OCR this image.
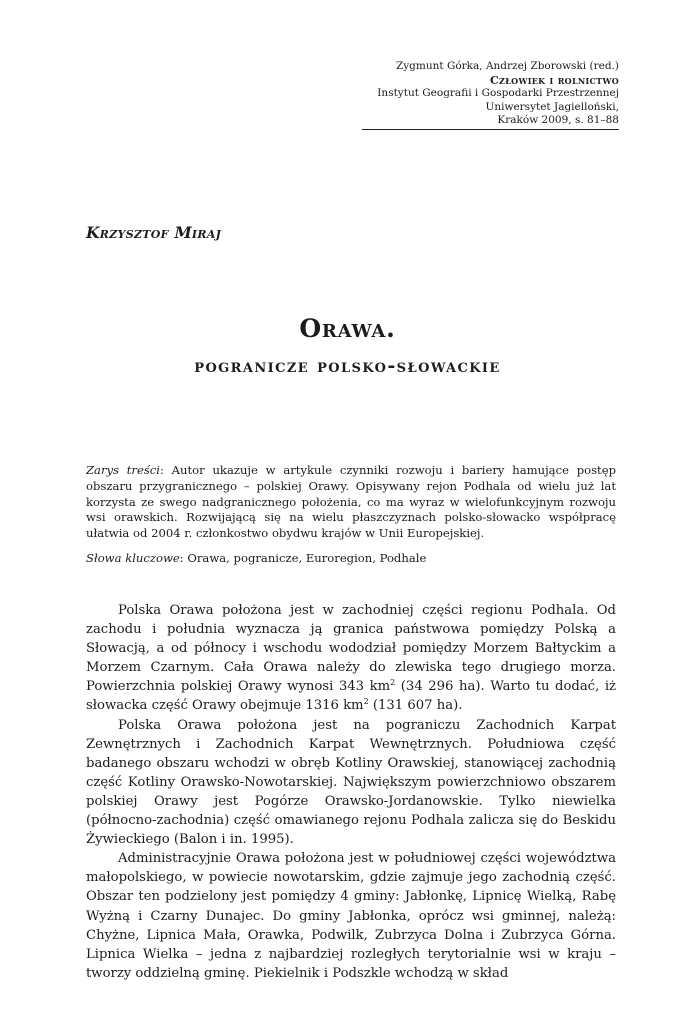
Zygmunt Górka, Andrzej Zborowski (red.)
Człowiek i rolnictwo
Instytut Geografii i Gospodarki Przestrzennej
Uniwersytet Jagielloński,
Kraków 2009, s. 81–88
Krzysztof Miraj
Orawa.
pogranicze polsko-słowackie

Zarys treści: Autor ukazuje w artykule czynniki rozwoju i bariery hamujące postęp obszaru przygranicznego – polskiej Orawy. Opisywany rejon Podhala od wielu już lat korzysta ze swego nadgranicznego położenia, co ma wyraz w wielofunkcyjnym rozwoju wsi orawskich. Rozwijającą się na wielu płaszczyznach polsko-słowacko współpracę ułatwia od 2004 r. członkostwo obydwu krajów w Unii Europejskiej.

Słowa kluczowe: Orawa, pogranicze, Euroregion, Podhale

Polska Orawa położona jest w zachodniej części regionu Podhala. Od zachodu i południa wyznacza ją granica państwowa pomiędzy Polską a Słowacją, a od północy i wschodu wododział pomiędzy Morzem Bałtyckim a Morzem Czarnym. Cała Orawa należy do zlewiska tego drugiego morza. Powierzchnia polskiej Orawy wynosi 343 $km^2$ (34 296 ha). Warto tu dodać, iż słowacka część Orawy obejmuje 1316 $km^2$ (131 607 ha).

Polska Orawa położona jest na pograniczu Zachodnich Karpat Zewnętrznych i Zachodnich Karpat Wewnętrznych. Południowa część badanego obszaru wchodzi w obręb Kotliny Orawskiej, stanowiącej zachodnią część Kotliny Orawsko-Nowotarskiej. Największym powierzchniowo obszarem polskiej Orawy jest Pogórze Orawsko-Jordanowskie. Tylko niewielka (północno-zachodnia) część omawianego rejonu Podhala zalicza się do Beskidu Żywieckiego (Balon i in. 1995).

Administracyjnie Orawa położona jest w południowej części województwa małopolskiego, w powiecie nowotarskim, gdzie zajmuje jego zachodnią część. Obszar ten podzielony jest pomiędzy 4 gminy: Jabłonkę, Lipnicę Wielką, Rabę Wyżną i Czarny Dunajec. Do gminy Jabłonka, oprócz wsi gminnej, należą: Chyżne, Lipnica Mała, Orawka, Podwilk, Zubrzyca Dolna i Zubrzyca Górna. Lipnica Wielka – jedna z najbardziej rozległych terytorialnie wsi w kraju – tworzy oddzielną gminę. Piekielnik i Podszkle wchodzą w skład
